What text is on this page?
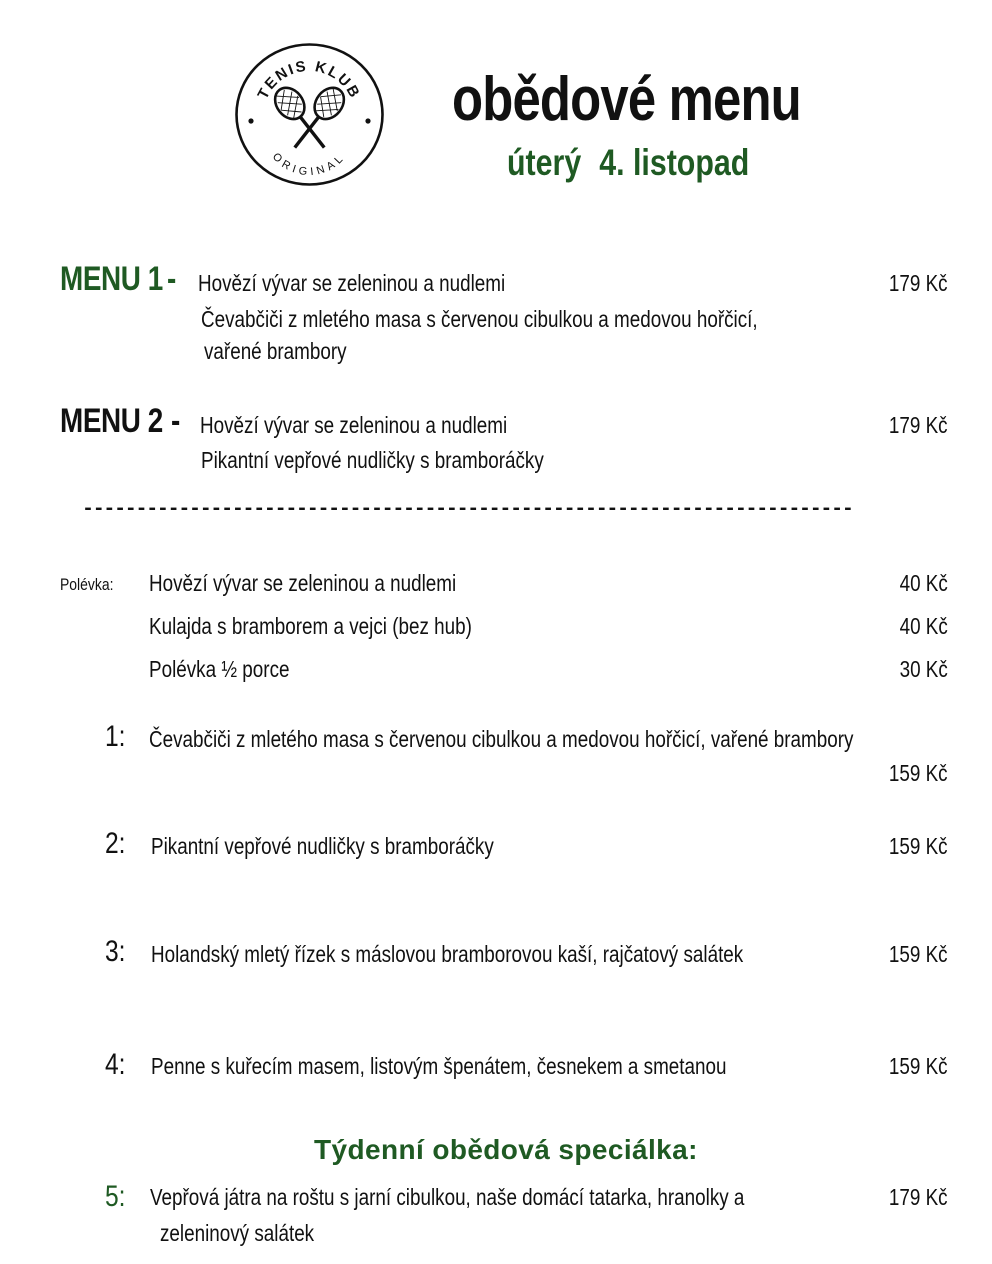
TENIS KLUB
ORIGINAL
obědové menu
úterý 4. listopad
MENU 1 - Hovězí vývar se zeleninou a nudlemi
Čevabčiči z mletého masa s červenou cibulkou a medovou hořčicí,
vařené brambory
179 Kč
MENU 2 - Hovězí vývar se zeleninou a nudlemi
Pikantní vepřové nudličky s bramboráčky
179 Kč
------------------------------------------------------------------------
Polévka:	Hovězí vývar se zeleninou a nudlemi	40 Kč
Kulajda s bramborem a vejci (bez hub)	40 Kč
Polévka ½ porce	30 Kč
1: Čevabčiči z mletého masa s červenou cibulkou a medovou hořčicí, vařené brambory
159 Kč
2: Pikantní vepřové nudličky s bramboráčky	159 Kč
3: Holandský mletý řízek s máslovou bramborovou kaší, rajčatový salátek	159 Kč
4: Penne s kuřecím masem, listovým špenátem, česnekem a smetanou	159 Kč
Týdenní obědová speciálka:
5: Vepřová játra na roštu s jarní cibulkou, naše domácí tatarka, hranolky a
zeleninový salátek
179 Kč
